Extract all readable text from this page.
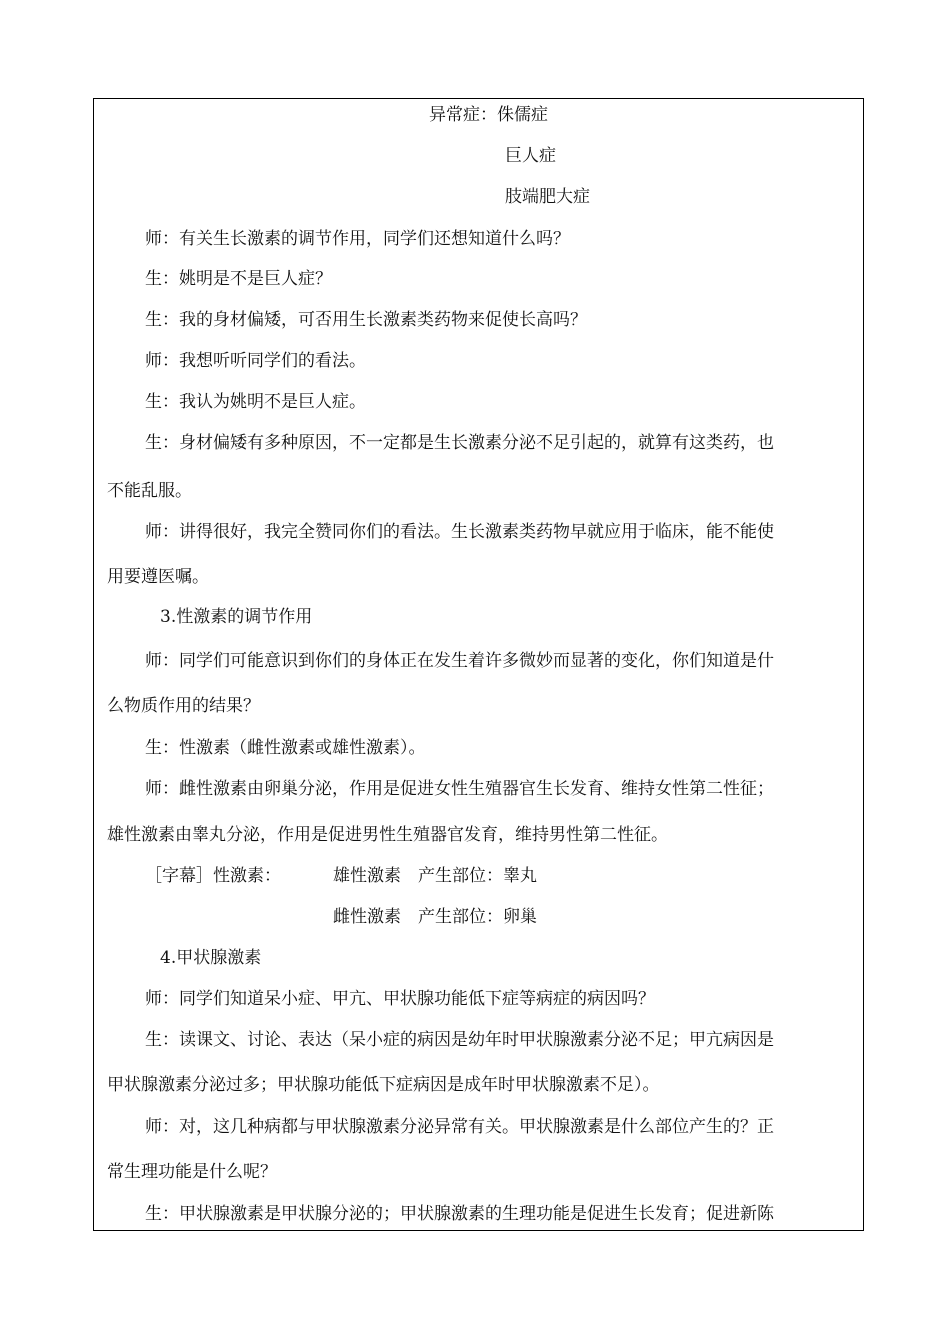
异常症：侏儒症
巨人症
肢端肥大症
师：有关生长激素的调节作用，同学们还想知道什么吗？
生：姚明是不是巨人症？
生：我的身材偏矮，可否用生长激素类药物来促使长高吗？
师：我想听听同学们的看法。
生：我认为姚明不是巨人症。
生：身材偏矮有多种原因，不一定都是生长激素分泌不足引起的，就算有这类药，也
不能乱服。
师：讲得很好，我完全赞同你们的看法。生长激素类药物早就应用于临床，能不能使
用要遵医嘱。
3.性激素的调节作用
师：同学们可能意识到你们的身体正在发生着许多微妙而显著的变化，你们知道是什
么物质作用的结果？
生：性激素（雌性激素或雄性激素）。
师：雌性激素由卵巢分泌，作用是促进女性生殖器官生长发育、维持女性第二性征；
雄性激素由睾丸分泌，作用是促进男性生殖器官发育，维持男性第二性征。
［字幕］性激素：	雄性激素　产生部位：睾丸
雌性激素　产生部位：卵巢
4.甲状腺激素
师：同学们知道呆小症、甲亢、甲状腺功能低下症等病症的病因吗？
生：读课文、讨论、表达（呆小症的病因是幼年时甲状腺激素分泌不足；甲亢病因是
甲状腺激素分泌过多；甲状腺功能低下症病因是成年时甲状腺激素不足）。
师：对，这几种病都与甲状腺激素分泌异常有关。甲状腺激素是什么部位产生的？正
常生理功能是什么呢？
生：甲状腺激素是甲状腺分泌的；甲状腺激素的生理功能是促进生长发育；促进新陈
